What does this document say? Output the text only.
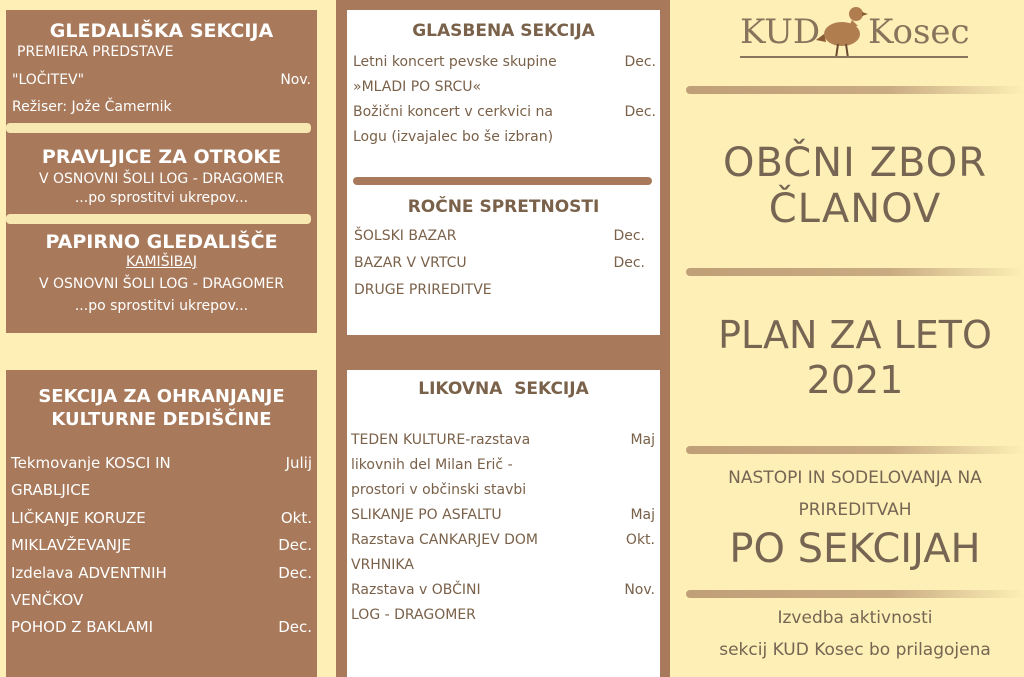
GLEDALIŠKA SEKCIJA
PREMIERA PREDSTAVE
"LOČITEV"	Nov.
Režiser: Jože Čamernik
PRAVLJICE ZA OTROKE
V OSNOVNI ŠOLI LOG - DRAGOMER
...po sprostitvi ukrepov...
PAPIRNO GLEDALIŠČE
KAMIŠIBAJ
V OSNOVNI ŠOLI LOG - DRAGOMER
...po sprostitvi ukrepov...
SEKCIJA ZA OHRANJANJE
KULTURNE DEDIŠČINE
Tekmovanje KOSCI IN	Julij
GRABLJICE
LIČKANJE KORUZE	Okt.
MIKLAVŽEVANJE	Dec.
Izdelava ADVENTNIH	Dec.
VENČKOV
POHOD Z BAKLAMI	Dec.
GLASBENA SEKCIJA
Letni koncert pevske skupine	Dec.
»MLADI PO SRCU«
Božični koncert v cerkvici na	Dec.
Logu (izvajalec bo še izbran)
ROČNE SPRETNOSTI
ŠOLSKI BAZAR	Dec.
BAZAR V VRTCU	Dec.
DRUGE PRIREDITVE
LIKOVNA  SEKCIJA
TEDEN KULTURE-razstava	Maj
likovnih del Milan Erič -
prostori v občinski stavbi
SLIKANJE PO ASFALTU	Maj
Razstava CANKARJEV DOM	Okt.
VRHNIKA
Razstava v OBČINI	Nov.
LOG - DRAGOMER
KUD Kosec
OBČNI ZBOR
ČLANOV
PLAN ZA LETO
2021
NASTOPI IN SODELOVANJA NA
PRIREDITVAH
PO SEKCIJAH
Izvedba aktivnosti
sekcij KUD Kosec bo prilagojena
